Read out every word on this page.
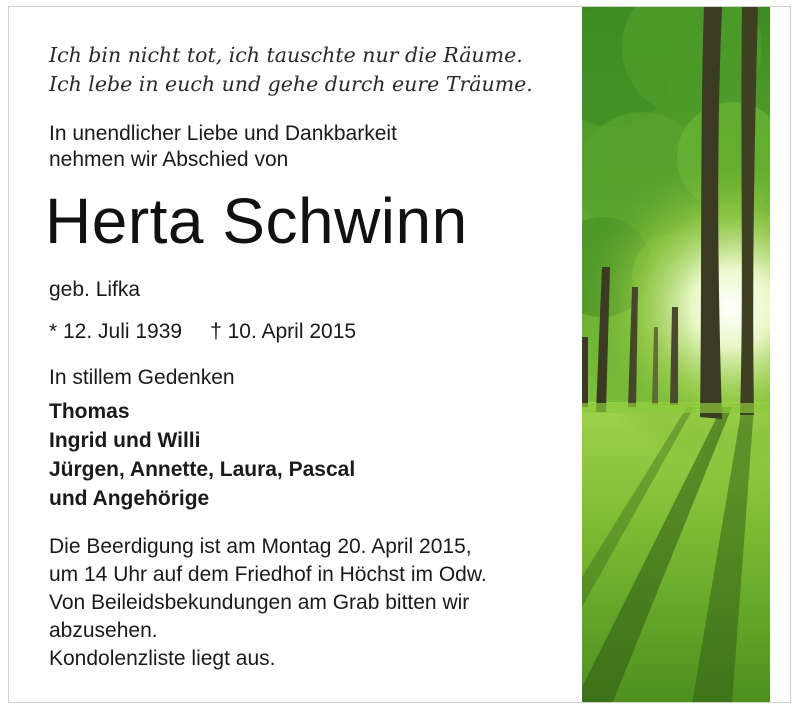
Ich bin nicht tot, ich tauschte nur die Räume.
Ich lebe in euch und gehe durch eure Träume.
In unendlicher Liebe und Dankbarkeit
nehmen wir Abschied von
Herta Schwinn
geb. Lifka
* 12. Juli 1939 † 10. April 2015
In stillem Gedenken
Thomas
Ingrid und Willi
Jürgen, Annette, Laura, Pascal
und Angehörige
Die Beerdigung ist am Montag 20. April 2015,
um 14 Uhr auf dem Friedhof in Höchst im Odw.
Von Beileidsbekundungen am Grab bitten wir
abzusehen.
Kondolenzliste liegt aus.
